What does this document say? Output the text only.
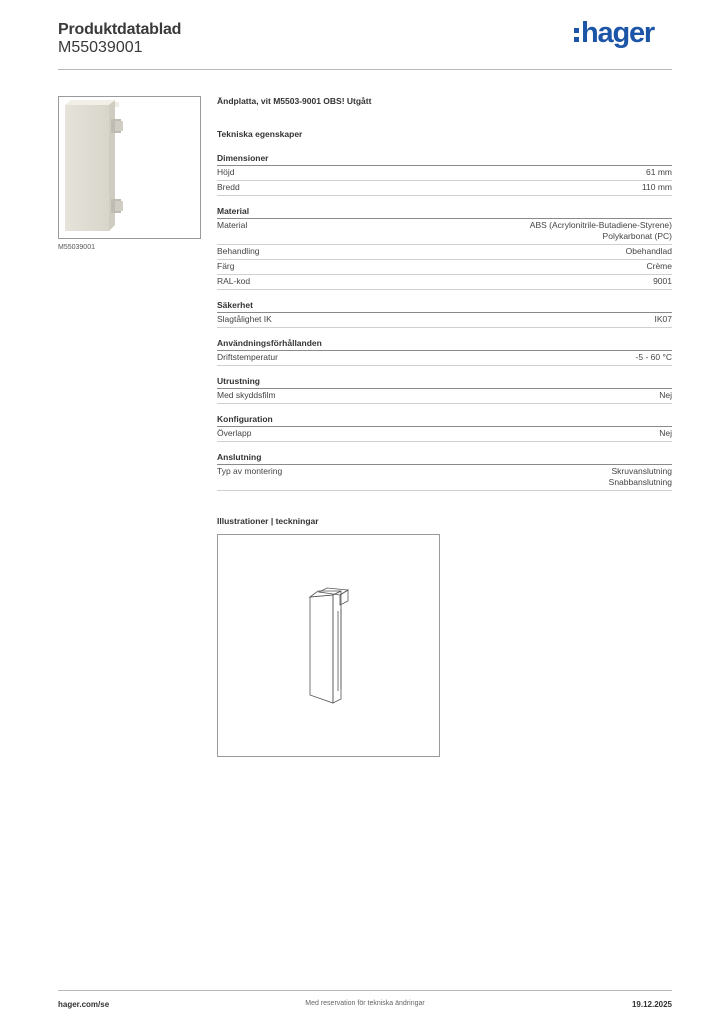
Produktdatablad
M55039001	hager
M55039001
Ändplatta, vit M5503-9001 OBS! Utgått
Tekniska egenskaper
Dimensioner
Höjd	61 mm
Bredd	110 mm
Material
Material	ABS (Acrylonitrile-Butadiene-Styrene)
Polykarbonat (PC)
Behandling	Obehandlad
Färg	Crème
RAL-kod	9001
Säkerhet
Slagtålighet IK	IK07
Användningsförhållanden
Driftstemperatur	-5 - 60 °C
Utrustning
Med skyddsfilm	Nej
Konfiguration
Överlapp	Nej
Anslutning
Typ av montering	Skruvanslutning
Snabbanslutning
Illustrationer | teckningar
hager.com/se	Med reservation för tekniska ändringar	19.12.2025
